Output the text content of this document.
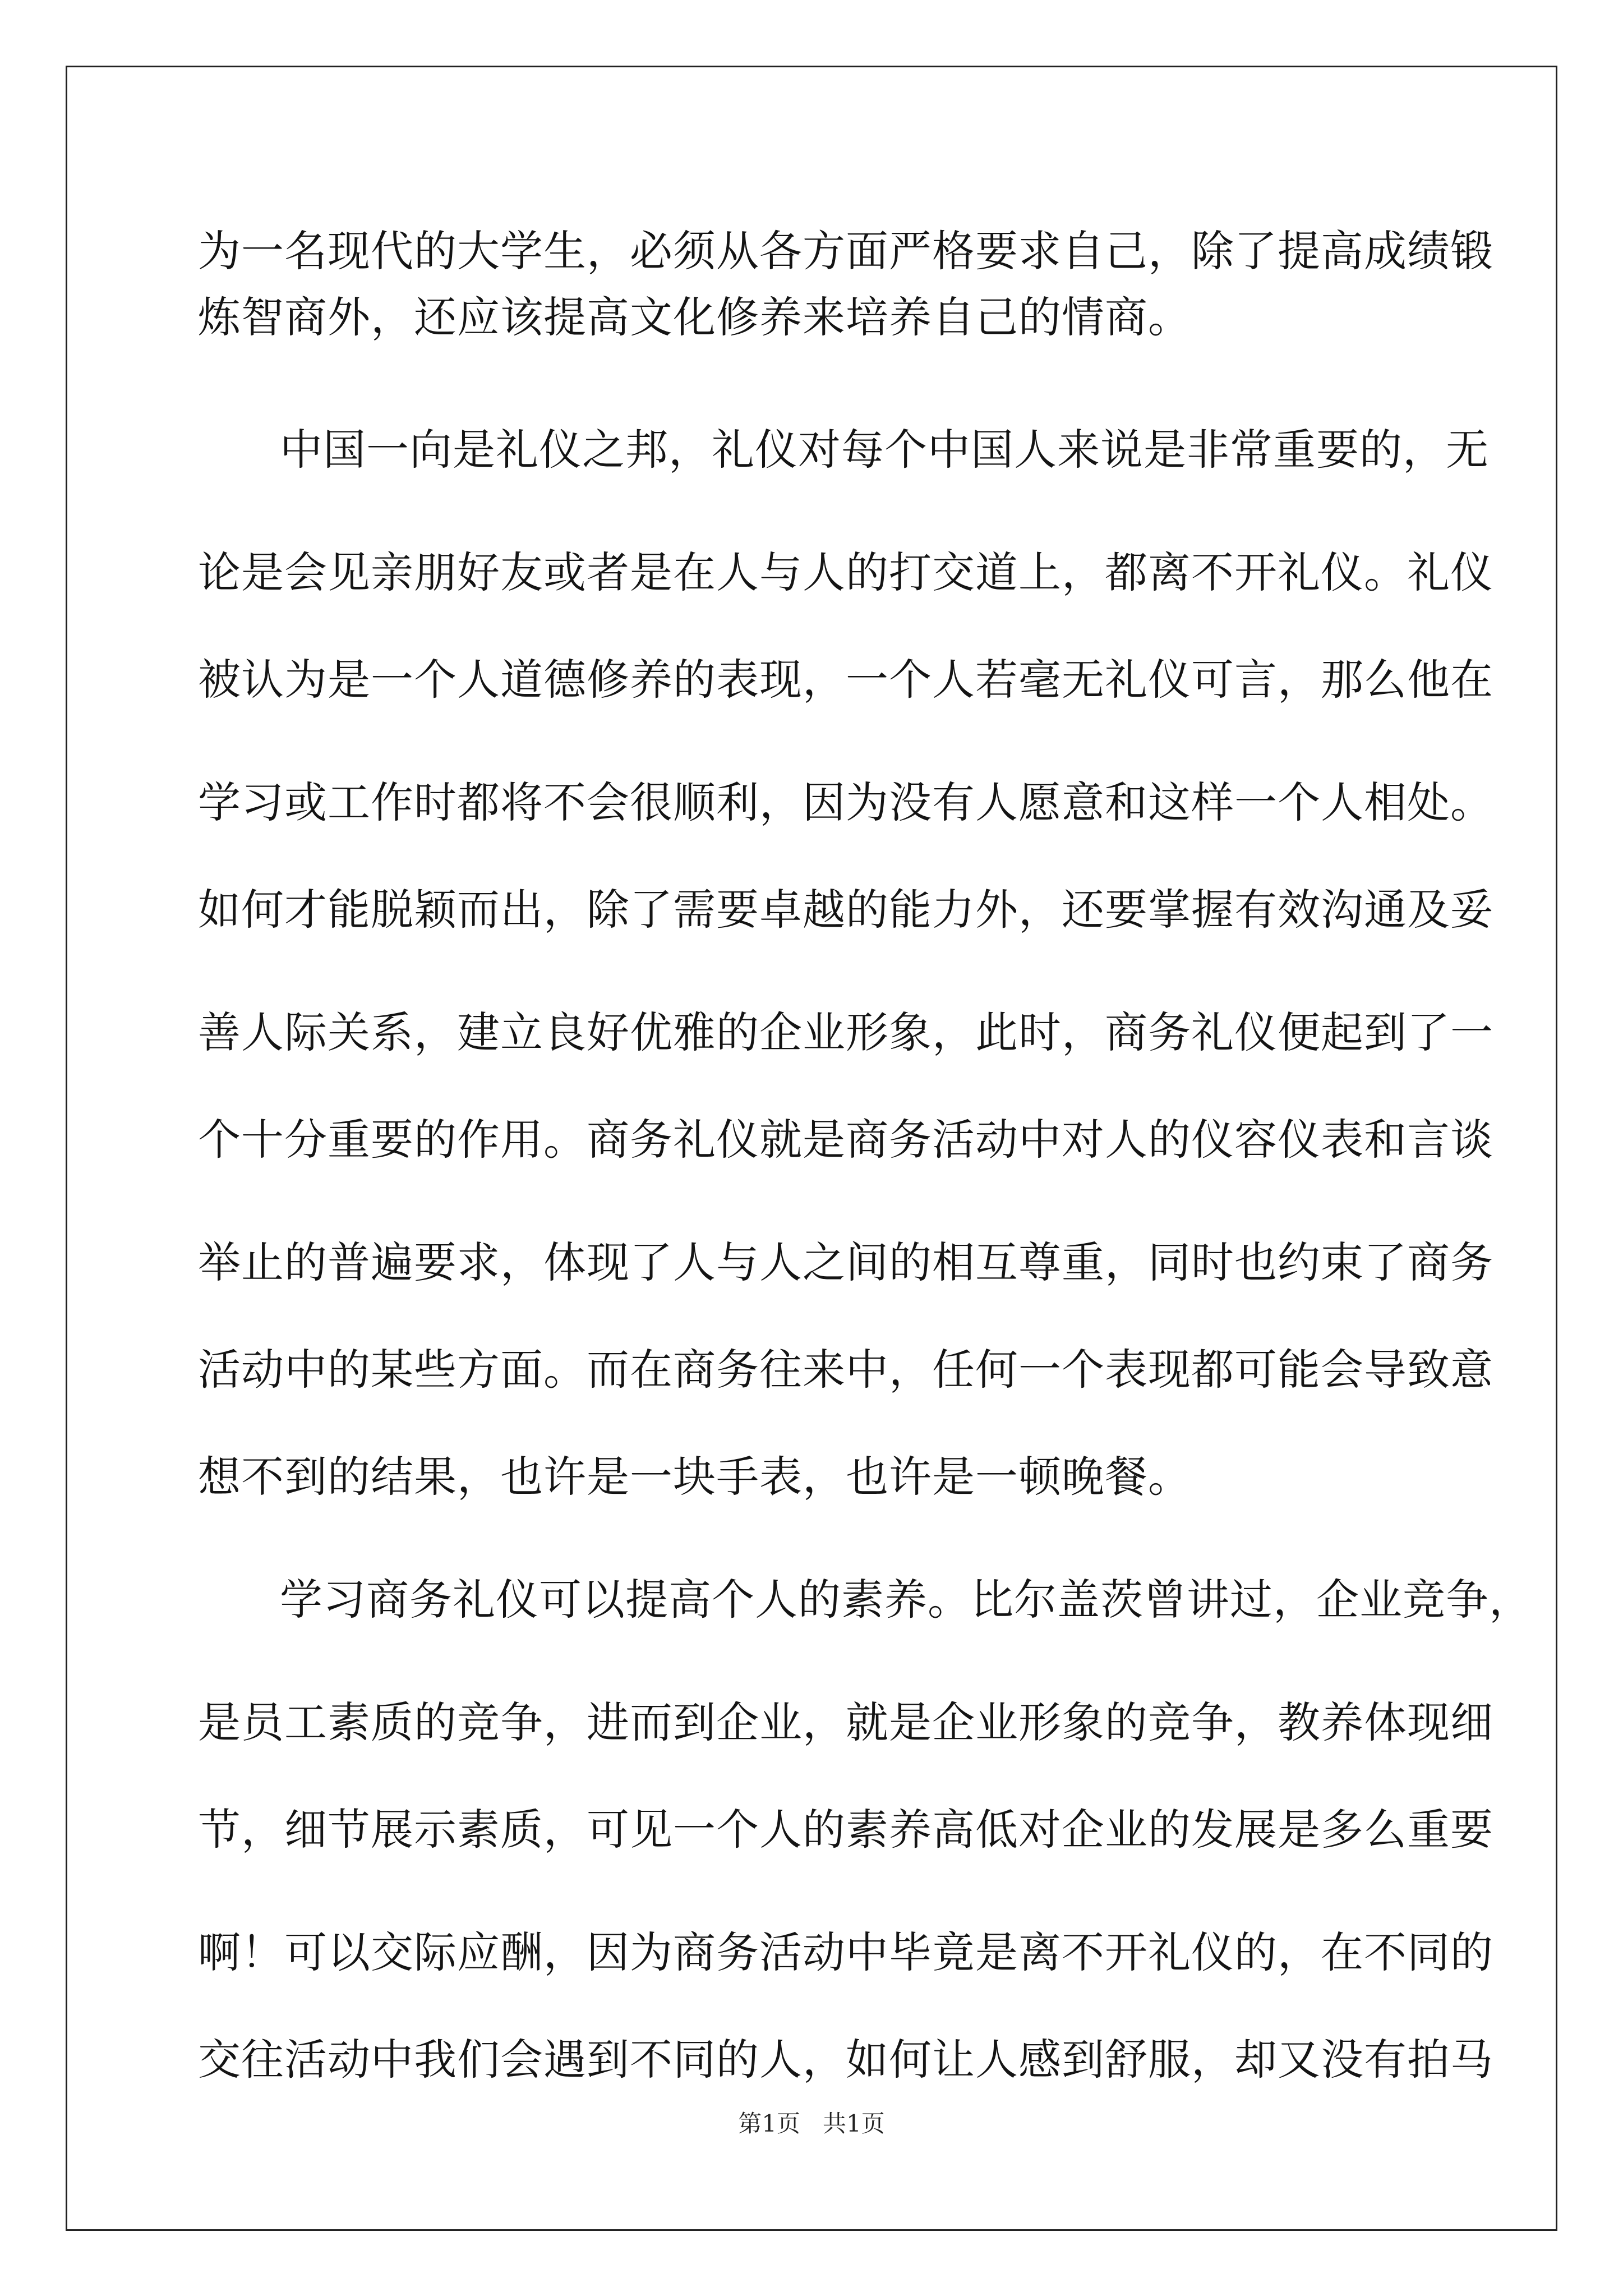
为一名现代的大学生，必须从各方面严格要求自己，除了提高成绩锻
炼智商外，还应该提高文化修养来培养自己的情商。
中国一向是礼仪之邦，礼仪对每个中国人来说是非常重要的，无
论是会见亲朋好友或者是在人与人的打交道上，都离不开礼仪。礼仪
被认为是一个人道德修养的表现，一个人若毫无礼仪可言，那么他在
学习或工作时都将不会很顺利，因为没有人愿意和这样一个人相处。
如何才能脱颖而出，除了需要卓越的能力外，还要掌握有效沟通及妥
善人际关系，建立良好优雅的企业形象，此时，商务礼仪便起到了一
个十分重要的作用。商务礼仪就是商务活动中对人的仪容仪表和言谈
举止的普遍要求，体现了人与人之间的相互尊重，同时也约束了商务
活动中的某些方面。而在商务往来中，任何一个表现都可能会导致意
想不到的结果，也许是一块手表，也许是一顿晚餐。
学习商务礼仪可以提高个人的素养。比尔盖茨曾讲过，企业竞争，
是员工素质的竞争，进而到企业，就是企业形象的竞争，教养体现细
节，细节展示素质，可见一个人的素养高低对企业的发展是多么重要
啊！可以交际应酬，因为商务活动中毕竟是离不开礼仪的，在不同的
交往活动中我们会遇到不同的人，如何让人感到舒服，却又没有拍马
第1页 共1页
